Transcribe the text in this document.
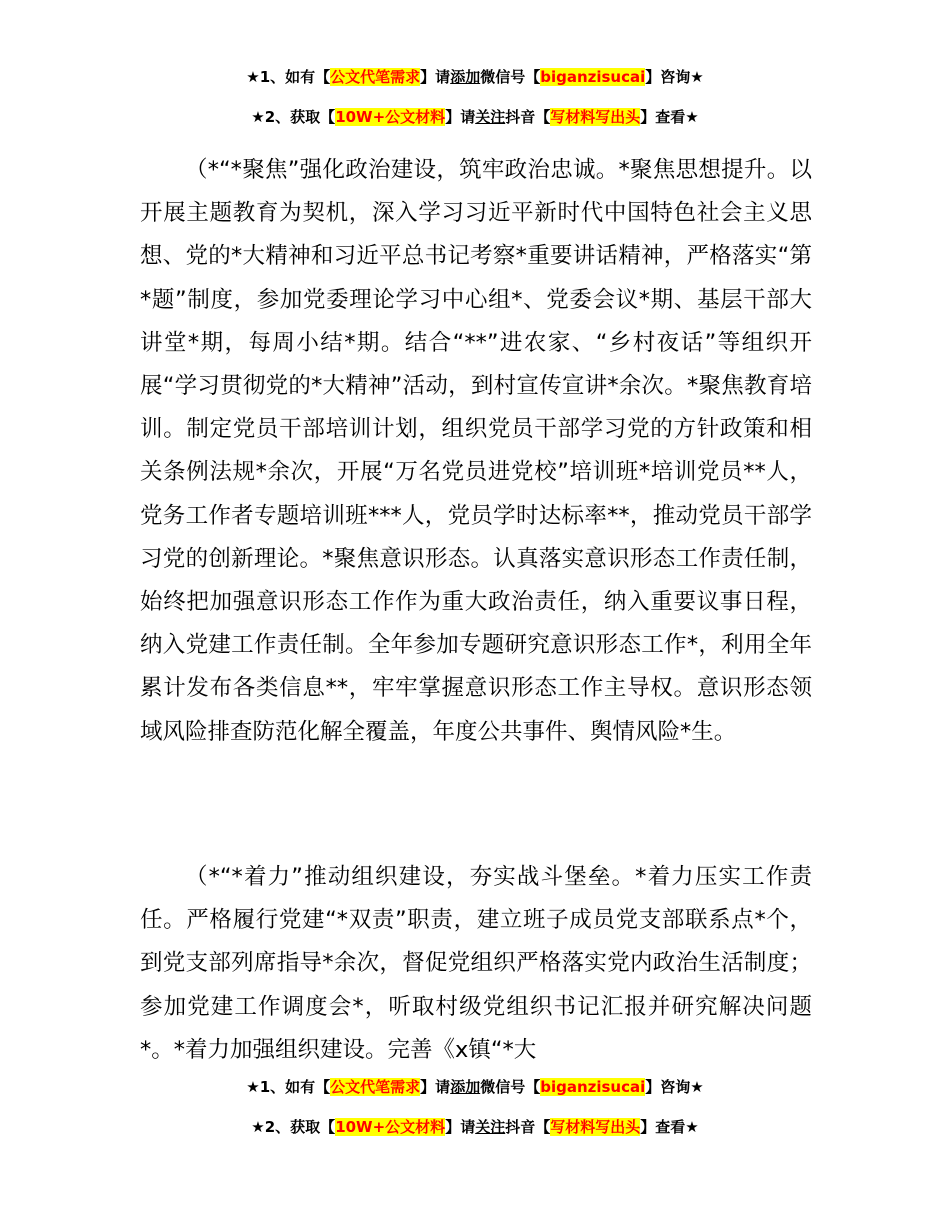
★1、如有【公文代笔需求】请添加微信号【biganzisucai】咨询★
★2、获取【10W+公文材料】请关注抖音【写材料写出头】查看★

（*“*聚焦”强化政治建设，筑牢政治忠诚。*聚焦思想提升。以开展主题教育为契机，深入学习习近平新时代中国特色社会主义思想、党的*大精神和习近平总书记考察*重要讲话精神，严格落实“第*题”制度，参加党委理论学习中心组*、党委会议*期、基层干部大讲堂*期，每周小结*期。结合“**”进农家、“乡村夜话”等组织开展“学习贯彻党的*大精神”活动，到村宣传宣讲*余次。*聚焦教育培训。制定党员干部培训计划，组织党员干部学习党的方针政策和相关条例法规*余次，开展“万名党员进党校”培训班*培训党员**人，党务工作者专题培训班***人，党员学时达标率**，推动党员干部学习党的创新理论。*聚焦意识形态。认真落实意识形态工作责任制，始终把加强意识形态工作作为重大政治责任，纳入重要议事日程，纳入党建工作责任制。全年参加专题研究意识形态工作*，利用全年累计发布各类信息**，牢牢掌握意识形态工作主导权。意识形态领域风险排查防范化解全覆盖，年度公共事件、舆情风险*生。

（*“*着力”推动组织建设，夯实战斗堡垒。*着力压实工作责任。严格履行党建“*双责”职责，建立班子成员党支部联系点*个，到党支部列席指导*余次，督促党组织严格落实党内政治生活制度；参加党建工作调度会*，听取村级党组织书记汇报并研究解决问题*。*着力加强组织建设。完善《x镇“*大

★1、如有【公文代笔需求】请添加微信号【biganzisucai】咨询★
★2、获取【10W+公文材料】请关注抖音【写材料写出头】查看★
